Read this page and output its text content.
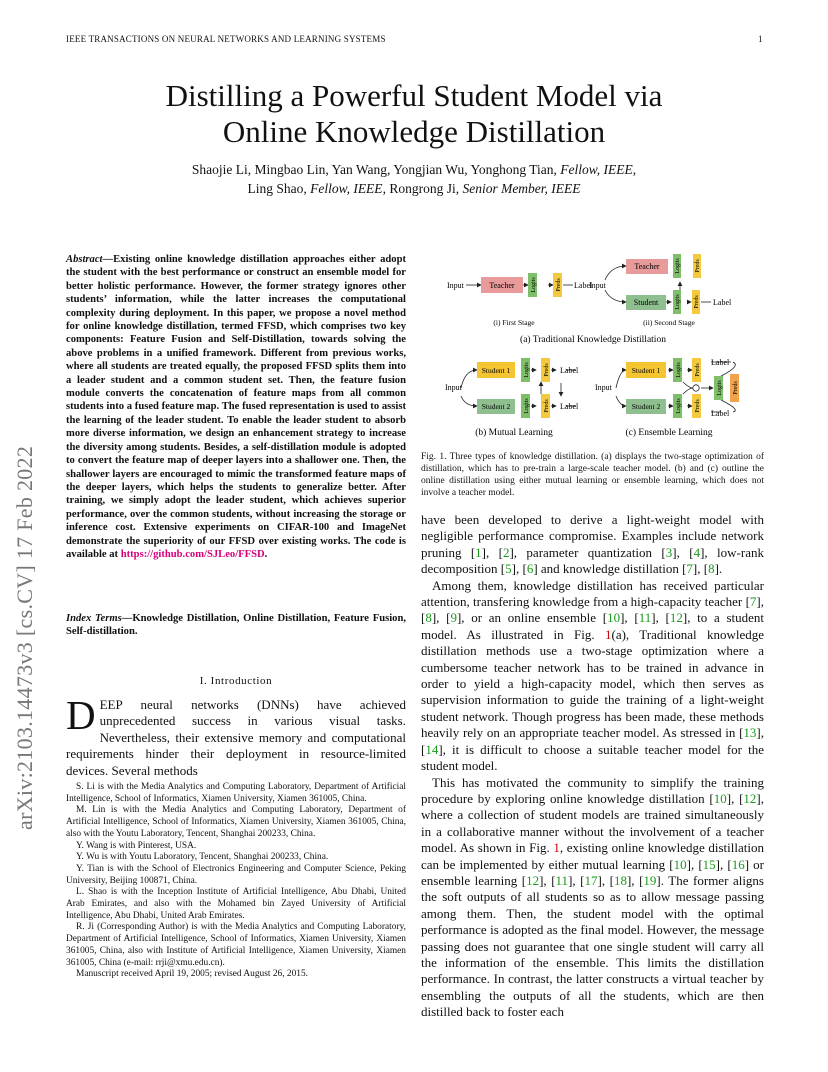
IEEE TRANSACTIONS ON NEURAL NETWORKS AND LEARNING SYSTEMS	1
Distilling a Powerful Student Model via
Online Knowledge Distillation
Shaojie Li, Mingbao Lin, Yan Wang, Yongjian Wu, Yonghong Tian, Fellow, IEEE,
Ling Shao, Fellow, IEEE, Rongrong Ji, Senior Member, IEEE
arXiv:2103.14473v3 [cs.CV] 17 Feb 2022
Abstract—Existing online knowledge distillation approaches either adopt the student with the best performance or construct an ensemble model for better holistic performance. However, the former strategy ignores other students’ information, while the latter increases the computational complexity during deployment. In this paper, we propose a novel method for online knowledge distillation, termed FFSD, which comprises two key components: Feature Fusion and Self-Distillation, towards solving the above problems in a unified framework. Different from previous works, where all students are treated equally, the proposed FFSD splits them into a leader student and a common student set. Then, the feature fusion module converts the concatenation of feature maps from all common students into a fused feature map. The fused representation is used to assist the learning of the leader student. To enable the leader student to absorb more diverse information, we design an enhancement strategy to increase the diversity among students. Besides, a self-distillation module is adopted to convert the feature map of deeper layers into a shallower one. Then, the shallower layers are encouraged to mimic the transformed feature maps of the deeper layers, which helps the students to generalize better. After training, we simply adopt the leader student, which achieves superior performance, over the common students, without increasing the storage or inference cost. Extensive experiments on CIFAR-100 and ImageNet demonstrate the superiority of our FFSD over existing works. The code is available at https://github.com/SJLeo/FFSD.
Index Terms—Knowledge Distillation, Online Distillation, Feature Fusion, Self-distillation.
I. Introduction
DEEP neural networks (DNNs) have achieved unprecedented success in various visual tasks. Nevertheless, their extensive memory and computational requirements hinder their deployment in resource-limited devices. Several methods

S. Li is with the Media Analytics and Computing Laboratory, Department of Artificial Intelligence, School of Informatics, Xiamen University, Xiamen 361005, China.

M. Lin is with the Media Analytics and Computing Laboratory, Department of Artificial Intelligence, School of Informatics, Xiamen University, Xiamen 361005, China, also with the Youtu Laboratory, Tencent, Shanghai 200233, China.

Y. Wang is with Pinterest, USA.

Y. Wu is with Youtu Laboratory, Tencent, Shanghai 200233, China.

Y. Tian is with the School of Electronics Engineering and Computer Science, Peking University, Beijing 100871, China.

L. Shao is with the Inception Institute of Artificial Intelligence, Abu Dhabi, United Arab Emirates, and also with the Mohamed bin Zayed University of Artificial Intelligence, Abu Dhabi, United Arab Emirates.

R. Ji (Corresponding Author) is with the Media Analytics and Computing Laboratory, Department of Artificial Intelligence, School of Informatics, Xiamen University, Xiamen 361005, China, also with Institute of Artificial Intelligence, Xiamen University, Xiamen 361005, China (e-mail: rrji@xmu.edu.cn).

Manuscript received April 19, 2005; revised August 26, 2015.

Input	Teacher	Logits	Preds Label
Input
Teacher	Logits Preds
Student	Logits Preds Label
(i) First Stage	(ii) Second Stage
(a) Traditional Knowledge Distillation
Input
Student 1
Student 2
Logits Preds
Logits Preds
Label
Label
Input
Student 1
Student 2
Logits Preds
Logits Preds
Logits Preds
Label
Label
(b) Mutual Learning	(c) Ensemble Learning
Fig. 1. Three types of knowledge distillation. (a) displays the two-stage optimization of distillation, which has to pre-train a large-scale teacher model. (b) and (c) outline the online distillation using either mutual learning or ensemble learning, which does not involve a teacher model.

have been developed to derive a light-weight model with negligible performance compromise. Examples include network pruning [1], [2], parameter quantization [3], [4], low-rank decomposition [5], [6] and knowledge distillation [7], [8].

Among them, knowledge distillation has received particular attention, transfering knowledge from a high-capacity teacher [7], [8], [9], or an online ensemble [10], [11], [12], to a student model. As illustrated in Fig. 1(a), Traditional knowledge distillation methods use a two-stage optimization where a cumbersome teacher network has to be trained in advance in order to yield a high-capacity model, which then serves as supervision information to guide the training of a light-weight student network. Though progress has been made, these methods heavily rely on an appropriate teacher model. As stressed in [13], [14], it is difficult to choose a suitable teacher model for the student model.

This has motivated the community to simplify the training procedure by exploring online knowledge distillation [10], [12], where a collection of student models are trained simultaneously in a collaborative manner without the involvement of a teacher model. As shown in Fig. 1, existing online knowledge distillation can be implemented by either mutual learning [10], [15], [16] or ensemble learning [12], [11], [17], [18], [19]. The former aligns the soft outputs of all students so as to allow message passing among them. Then, the student model with the optimal performance is adopted as the final model. However, the message passing does not guarantee that one single student will carry all the information of the ensemble. This limits the distillation performance. In contrast, the latter constructs a virtual teacher by ensembling the outputs of all the students, which are then distilled back to foster each
